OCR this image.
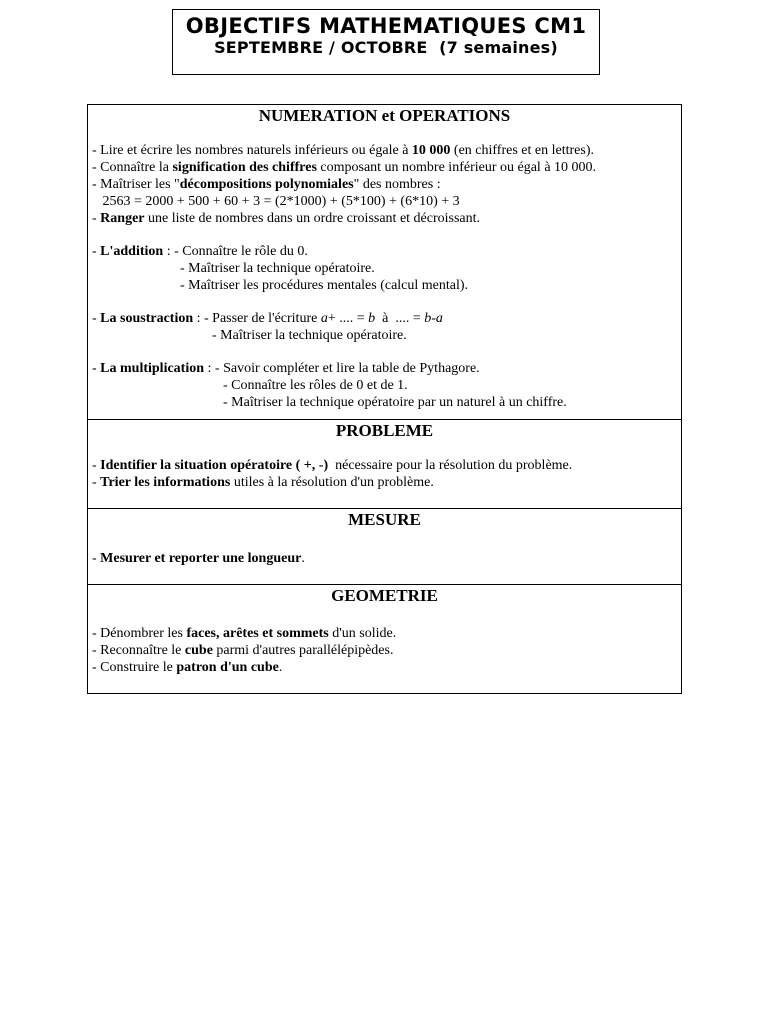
OBJECTIFS MATHEMATIQUES CM1
SEPTEMBRE / OCTOBRE  (7 semaines)
NUMERATION et OPERATIONS
- Lire et écrire les nombres naturels inférieurs ou égale à 10 000 (en chiffres et en lettres).
- Connaître la signification des chiffres composant un nombre inférieur ou égal à 10 000.
- Maîtriser les "décompositions polynomiales" des nombres :
2563 = 2000 + 500 + 60 + 3 = (2*1000) + (5*100) + (6*10) + 3
- Ranger une liste de nombres dans un ordre croissant et décroissant.
- L'addition : - Connaître le rôle du 0.
- Maîtriser la technique opératoire.
- Maîtriser les procédures mentales (calcul mental).
- La soustraction : - Passer de l'écriture a+ .... = b  à  .... = b-a
- Maîtriser la technique opératoire.
- La multiplication : - Savoir compléter et lire la table de Pythagore.
- Connaître les rôles de 0 et de 1.
- Maîtriser la technique opératoire par un naturel à un chiffre.

PROBLEME
- Identifier la situation opératoire ( +, -)  nécessaire pour la résolution du problème.
- Trier les informations utiles à la résolution d'un problème.

MESURE
- Mesurer et reporter une longueur.

GEOMETRIE
- Dénombrer les faces, arêtes et sommets d'un solide.
- Reconnaître le cube parmi d'autres parallélépipèdes.
- Construire le patron d'un cube.
